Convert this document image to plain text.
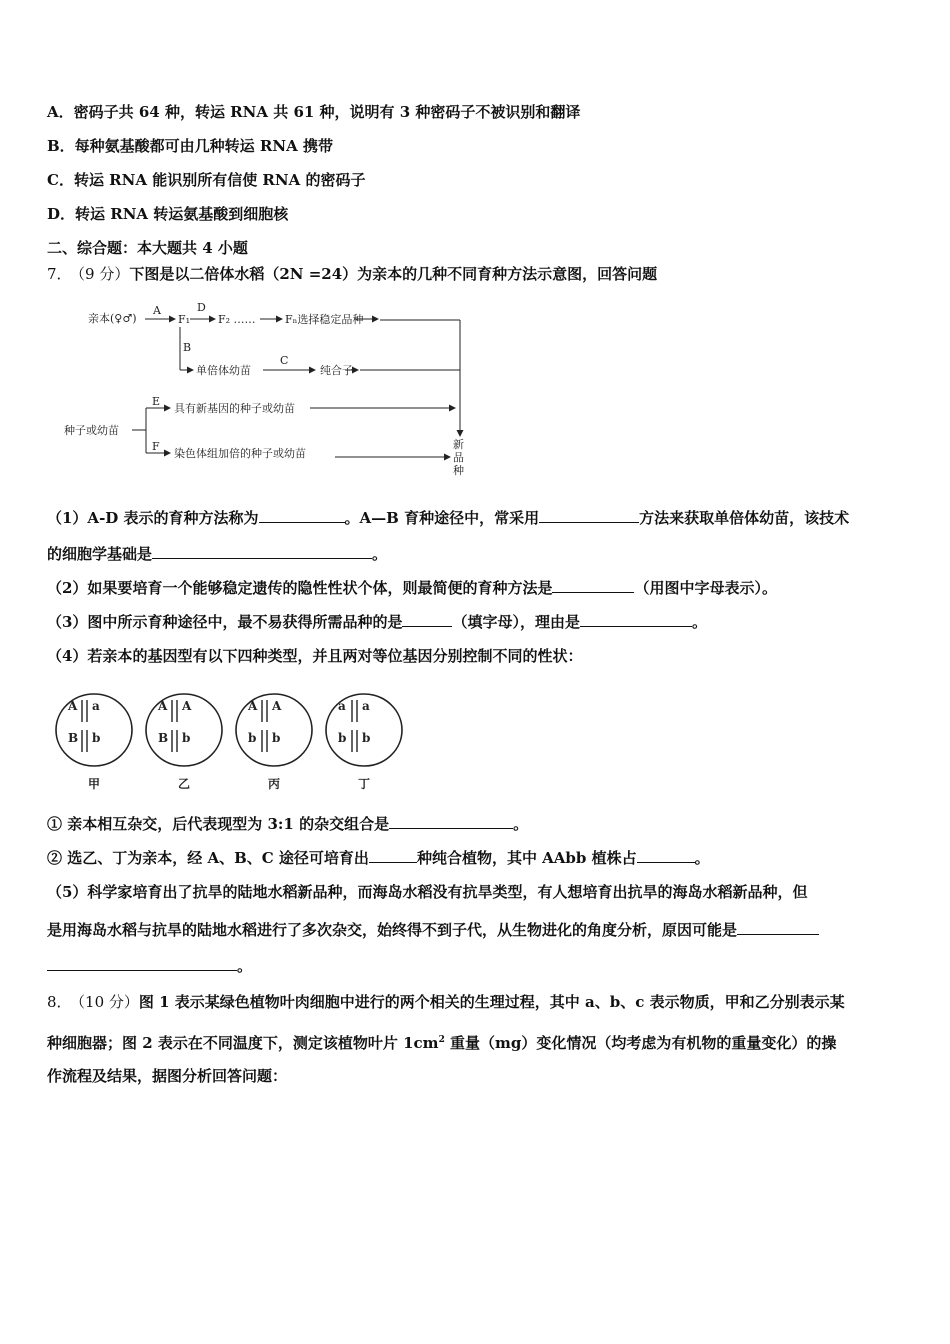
A．密码子共 64 种，转运 RNA 共 61 种，说明有 3 种密码子不被识别和翻译
B．每种氨基酸都可由几种转运 RNA 携带
C．转运 RNA 能识别所有信使 RNA 的密码子
D．转运 RNA 转运氨基酸到细胞核
二、综合题：本大题共 4 小题
7． （9 分）下图是以二倍体水稻（2N =24）为亲本的几种不同育种方法示意图，回答问题
亲本(♀♂)
A
F₁
D
F₂ ……	Fₙ选择稳定品种
B
单倍体幼苗
C
纯合子
种子或幼苗
E
具有新基因的种子或幼苗
F
染色体组加倍的种子或幼苗
新
品
种
（1）A-D 表示的育种方法称为	。A—B 育种途径中，常采用	方法来获取单倍体幼苗，该技术
的细胞学基础是	。
（2）如果要培育一个能够稳定遗传的隐性性状个体，则最简便的育种方法是	（用图中字母表示）。
（3）图中所示育种途径中，最不易获得所需品种的是	（填字母），理由是	。
（4）若亲本的基因型有以下四种类型，并且两对等位基因分别控制不同的性状：
A a
B b
甲
A A
B b
乙
A A
b b
丙
a a
b b
丁
① 亲本相互杂交，后代表现型为 3:1 的杂交组合是	。
② 选乙、丁为亲本，经 A、B、C 途径可培育出	种纯合植物，其中 AAbb 植株占	。
（5）科学家培育出了抗旱的陆地水稻新品种，而海岛水稻没有抗旱类型，有人想培育出抗旱的海岛水稻新品种，但
是用海岛水稻与抗旱的陆地水稻进行了多次杂交，始终得不到子代，从生物进化的角度分析，原因可能是
。
8． （10 分）图 1 表示某绿色植物叶肉细胞中进行的两个相关的生理过程，其中 a、b、c 表示物质，甲和乙分别表示某
种细胞器；图 2 表示在不同温度下，测定该植物叶片 $1cm^2$ 重量（mg）变化情况（均考虑为有机物的重量变化）的操
作流程及结果，据图分析回答问题：
